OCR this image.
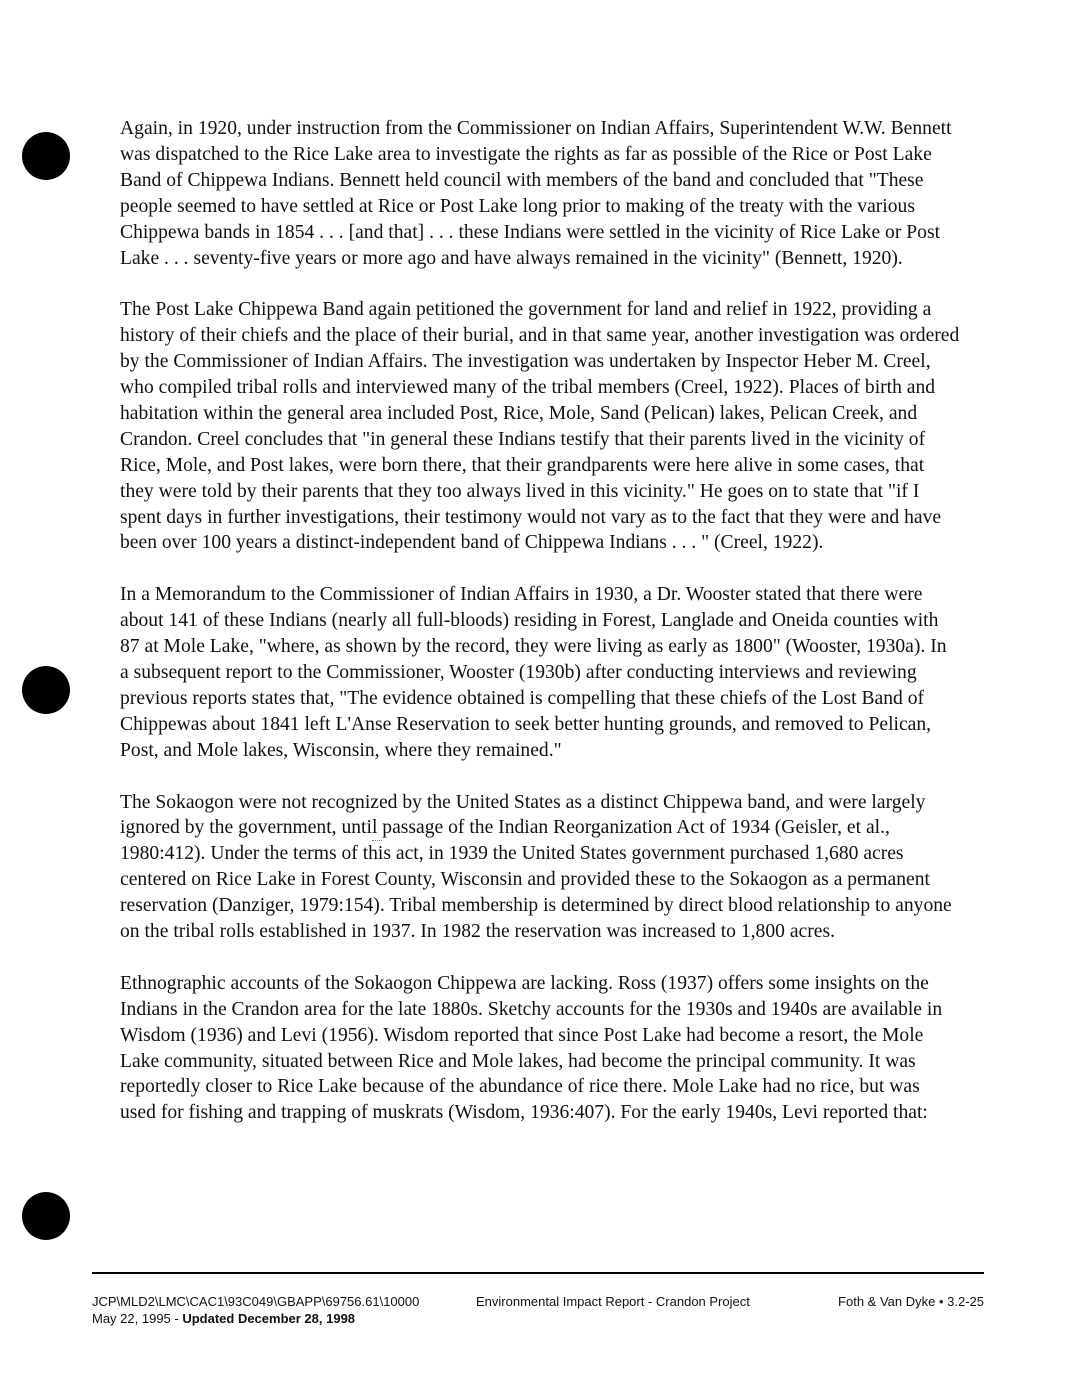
Again, in 1920, under instruction from the Commissioner on Indian Affairs, Superintendent W.W. Bennett was dispatched to the Rice Lake area to investigate the rights as far as possible of the Rice or Post Lake Band of Chippewa Indians. Bennett held council with members of the band and concluded that "These people seemed to have settled at Rice or Post Lake long prior to making of the treaty with the various Chippewa bands in 1854 . . . [and that] . . . these Indians were settled in the vicinity of Rice Lake or Post Lake . . . seventy-five years or more ago and have always remained in the vicinity" (Bennett, 1920).

The Post Lake Chippewa Band again petitioned the government for land and relief in 1922, providing a history of their chiefs and the place of their burial, and in that same year, another investigation was ordered by the Commissioner of Indian Affairs. The investigation was undertaken by Inspector Heber M. Creel, who compiled tribal rolls and interviewed many of the tribal members (Creel, 1922). Places of birth and habitation within the general area included Post, Rice, Mole, Sand (Pelican) lakes, Pelican Creek, and Crandon. Creel concludes that "in general these Indians testify that their parents lived in the vicinity of Rice, Mole, and Post lakes, were born there, that their grandparents were here alive in some cases, that they were told by their parents that they too always lived in this vicinity." He goes on to state that "if I spent days in further investigations, their testimony would not vary as to the fact that they were and have been over 100 years a distinct-independent band of Chippewa Indians . . . " (Creel, 1922).

In a Memorandum to the Commissioner of Indian Affairs in 1930, a Dr. Wooster stated that there were about 141 of these Indians (nearly all full-bloods) residing in Forest, Langlade and Oneida counties with 87 at Mole Lake, "where, as shown by the record, they were living as early as 1800" (Wooster, 1930a). In a subsequent report to the Commissioner, Wooster (1930b) after conducting interviews and reviewing previous reports states that, "The evidence obtained is compelling that these chiefs of the Lost Band of Chippewas about 1841 left L'Anse Reservation to seek better hunting grounds, and removed to Pelican, Post, and Mole lakes, Wisconsin, where they remained."

The Sokaogon were not recognized by the United States as a distinct Chippewa band, and were largely ignored by the government, until passage of the Indian Reorganization Act of 1934 (Geisler, et al., 1980:412). Under the terms of this act, in 1939 the United States government purchased 1,680 acres centered on Rice Lake in Forest County, Wisconsin and provided these to the Sokaogon as a permanent reservation (Danziger, 1979:154). Tribal membership is determined by direct blood relationship to anyone on the tribal rolls established in 1937. In 1982 the reservation was increased to 1,800 acres.

Ethnographic accounts of the Sokaogon Chippewa are lacking. Ross (1937) offers some insights on the Indians in the Crandon area for the late 1880s. Sketchy accounts for the 1930s and 1940s are available in Wisdom (1936) and Levi (1956). Wisdom reported that since Post Lake had become a resort, the Mole Lake community, situated between Rice and Mole lakes, had become the principal community. It was reportedly closer to Rice Lake because of the abundance of rice there. Mole Lake had no rice, but was used for fishing and trapping of muskrats (Wisdom, 1936:407). For the early 1940s, Levi reported that:

JCP\MLD2\LMC\CAC1\93C049\GBAPP\69756.61\10000	Environmental Impact Report - Crandon Project	Foth & Van Dyke • 3.2-25
May 22, 1995 - Updated December 28, 1998
